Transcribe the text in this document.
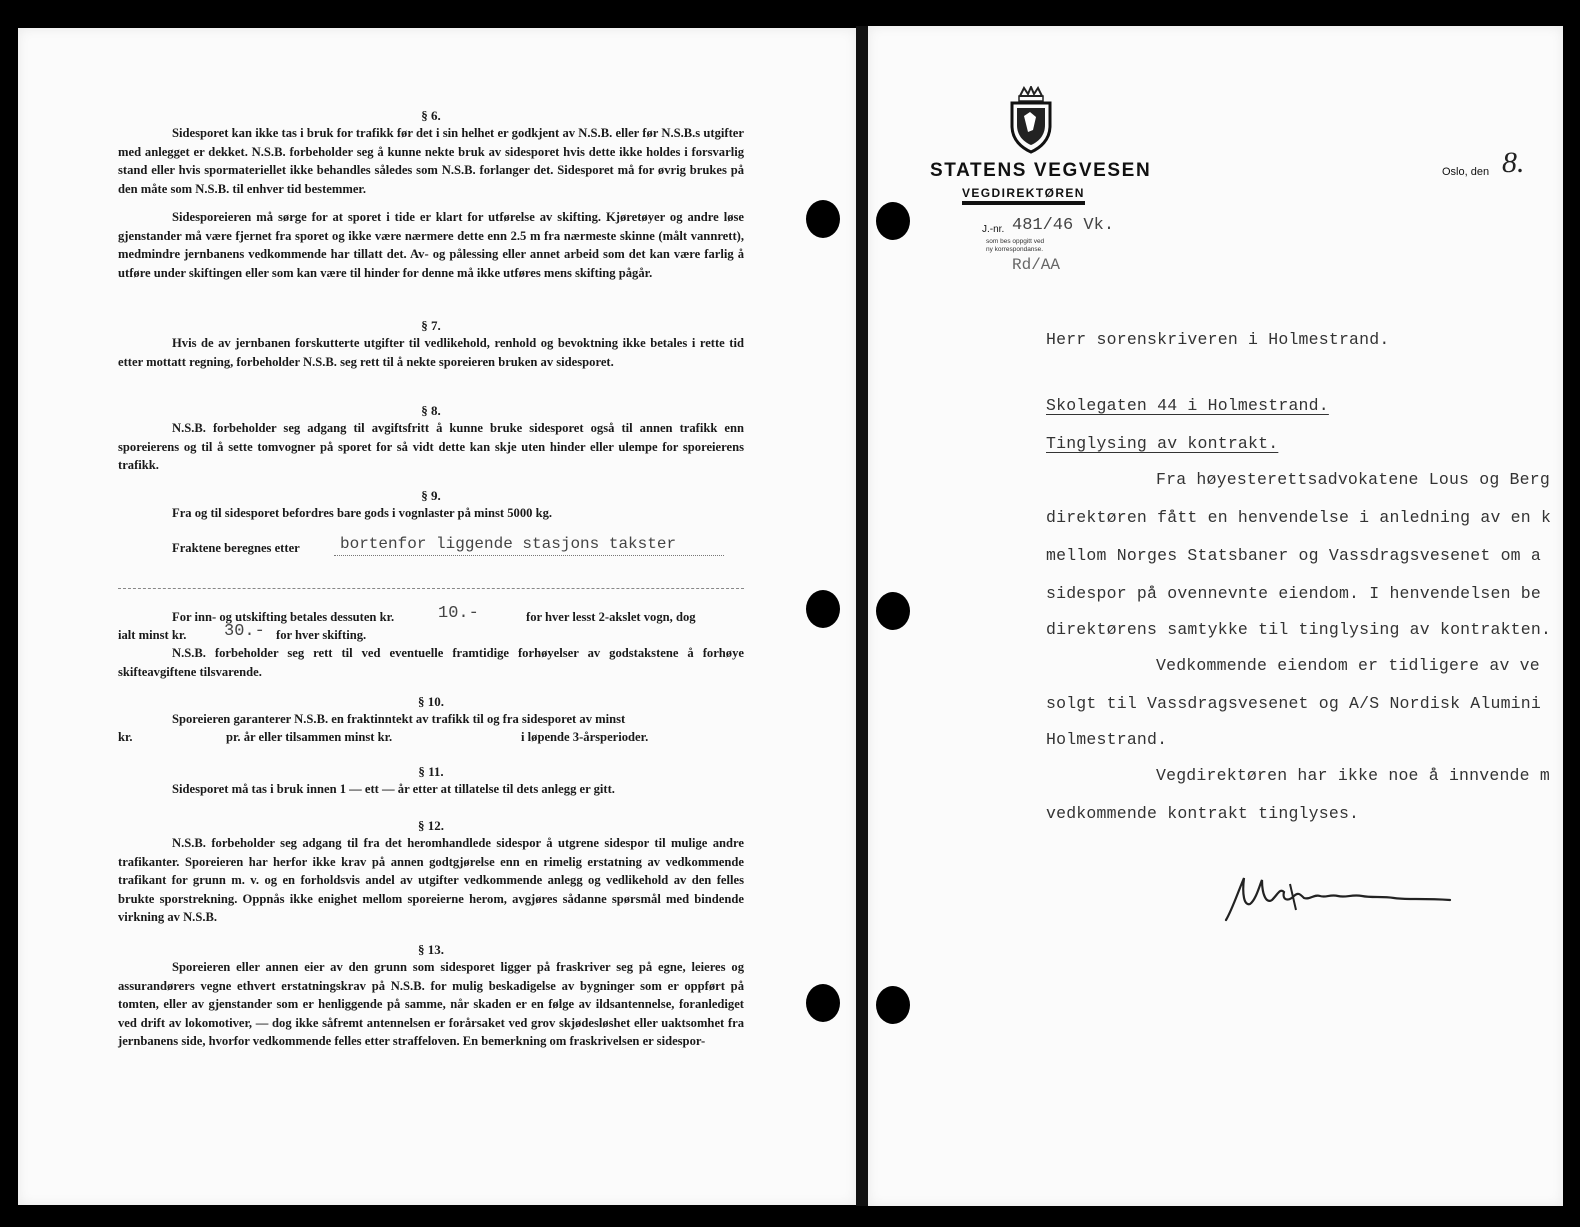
§ 6.

Sidesporet kan ikke tas i bruk for trafikk før det i sin helhet er godkjent av N.S.B. eller før N.S.B.s utgifter med anlegget er dekket. N.S.B. forbeholder seg å kunne nekte bruk av sidesporet hvis dette ikke holdes i forsvarlig stand eller hvis spormateriellet ikke behandles således som N.S.B. forlanger det. Sidesporet må for øvrig brukes på den måte som N.S.B. til enhver tid bestemmer.

Sidesporeieren må sørge for at sporet i tide er klart for utførelse av skifting. Kjøretøyer og andre løse gjenstander må være fjernet fra sporet og ikke være nærmere dette enn 2.5 m fra nærmeste skinne (målt vannrett), medmindre jernbanens vedkommende har tillatt det. Av- og pålessing eller annet arbeid som det kan være farlig å utføre under skiftingen eller som kan være til hinder for denne må ikke utføres mens skifting pågår.

§ 7.

Hvis de av jernbanen forskutterte utgifter til vedlikehold, renhold og bevoktning ikke betales i rette tid etter mottatt regning, forbeholder N.S.B. seg rett til å nekte sporeieren bruken av sidesporet.

§ 8.

N.S.B. forbeholder seg adgang til avgiftsfritt å kunne bruke sidesporet også til annen trafikk enn sporeierens og til å sette tomvogner på sporet for så vidt dette kan skje uten hinder eller ulempe for sporeierens trafikk.

§ 9.
Fra og til sidesporet befordres bare gods i vognlaster på minst 5000 kg.
Fraktene beregnes etter	bortenfor liggende stasjons takster
For inn- og utskifting betales dessuten kr.	10.-	for hver lesst 2-akslet vogn, dog
ialt minst kr. 30.- for hver skifting.

N.S.B. forbeholder seg rett til ved eventuelle framtidige forhøyelser av godstakstene å forhøye skifteavgiftene tilsvarende.

§ 10.
Sporeieren garanterer N.S.B. en fraktinntekt av trafikk til og fra sidesporet av minst
kr.	pr. år eller tilsammen minst kr.	i løpende 3-årsperioder.
§ 11.
Sidesporet må tas i bruk innen 1 — ett — år etter at tillatelse til dets anlegg er gitt.
§ 12.

N.S.B. forbeholder seg adgang til fra det heromhandlede sidespor å utgrene sidespor til mulige andre trafikanter. Sporeieren har herfor ikke krav på annen godtgjørelse enn en rimelig erstatning av vedkommende trafikant for grunn m. v. og en forholdsvis andel av utgifter vedkommende anlegg og vedlikehold av den felles brukte sporstrekning. Oppnås ikke enighet mellom sporeierne herom, avgjøres sådanne spørsmål med bindende virkning av N.S.B.

§ 13.

Sporeieren eller annen eier av den grunn som sidesporet ligger på fraskriver seg på egne, leieres og assurandørers vegne ethvert erstatningskrav på N.S.B. for mulig beskadigelse av bygninger som er oppført på tomten, eller av gjenstander som er henliggende på samme, når skaden er en følge av ildsantennelse, foranlediget ved drift av lokomotiver, — dog ikke såfremt antennelsen er forårsaket ved grov skjødesløshet eller uaktsomhet fra jernbanens side, hvorfor vedkommende felles etter straffeloven. En bemerkning om fraskrivelsen er sidespor-

STATENS VEGVESEN
VEGDIREKTØREN
Oslo, den 8.
J.-nr. 481/46 Vk.
som bes oppgitt ved
ny korrespondanse.
Rd/AA
Herr sorenskriveren i Holmestrand.
Skolegaten 44 i Holmestrand.
Tinglysing av kontrakt.
Fra høyesterettsadvokatene Lous og Berg
direktøren fått en henvendelse i anledning av en k
mellom Norges Statsbaner og Vassdragsvesenet om a
sidespor på ovennevnte eiendom. I henvendelsen be
direktørens samtykke til tinglysing av kontrakten.
Vedkommende eiendom er tidligere av ve
solgt til Vassdragsvesenet og A/S Nordisk Alumini
Holmestrand.
Vegdirektøren har ikke noe å innvende m
vedkommende kontrakt tinglyses.
